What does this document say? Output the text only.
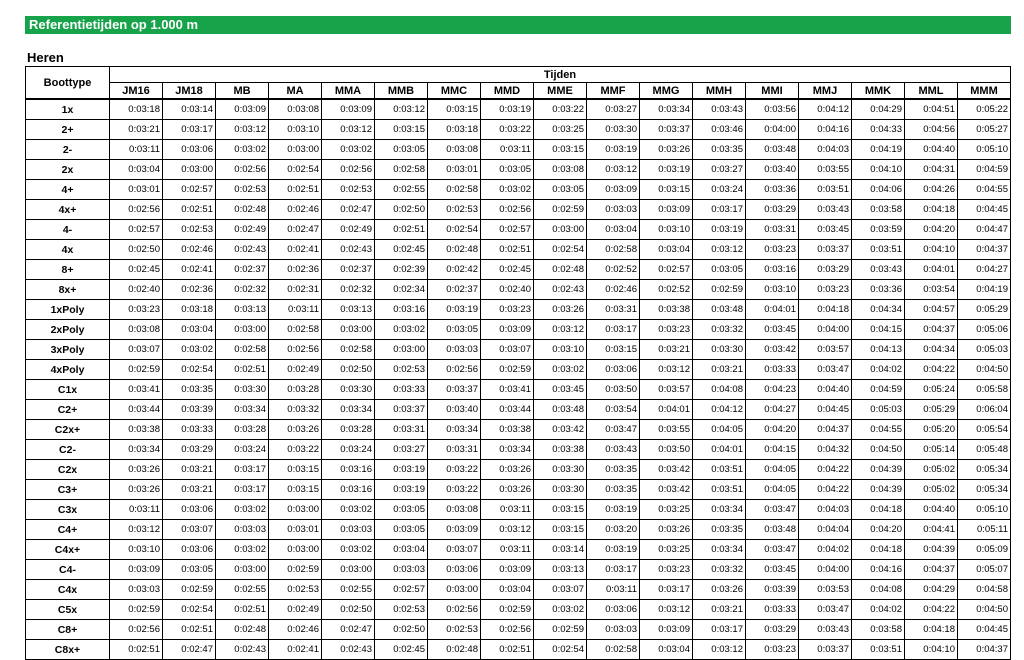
Referentietijden op 1.000 m
Heren
Boottype	Tijden																
	JM16	JM18	MB	MA	MMA	MMB	MMC	MMD	MME	MMF	MMG	MMH	MMI	MMJ	MMK	MML	MMM
1x	0:03:18	0:03:14	0:03:09	0:03:08	0:03:09	0:03:12	0:03:15	0:03:19	0:03:22	0:03:27	0:03:34	0:03:43	0:03:56	0:04:12	0:04:29	0:04:51	0:05:22
2+	0:03:21	0:03:17	0:03:12	0:03:10	0:03:12	0:03:15	0:03:18	0:03:22	0:03:25	0:03:30	0:03:37	0:03:46	0:04:00	0:04:16	0:04:33	0:04:56	0:05:27
2-	0:03:11	0:03:06	0:03:02	0:03:00	0:03:02	0:03:05	0:03:08	0:03:11	0:03:15	0:03:19	0:03:26	0:03:35	0:03:48	0:04:03	0:04:19	0:04:40	0:05:10
2x	0:03:04	0:03:00	0:02:56	0:02:54	0:02:56	0:02:58	0:03:01	0:03:05	0:03:08	0:03:12	0:03:19	0:03:27	0:03:40	0:03:55	0:04:10	0:04:31	0:04:59
4+	0:03:01	0:02:57	0:02:53	0:02:51	0:02:53	0:02:55	0:02:58	0:03:02	0:03:05	0:03:09	0:03:15	0:03:24	0:03:36	0:03:51	0:04:06	0:04:26	0:04:55
4x+	0:02:56	0:02:51	0:02:48	0:02:46	0:02:47	0:02:50	0:02:53	0:02:56	0:02:59	0:03:03	0:03:09	0:03:17	0:03:29	0:03:43	0:03:58	0:04:18	0:04:45
4-	0:02:57	0:02:53	0:02:49	0:02:47	0:02:49	0:02:51	0:02:54	0:02:57	0:03:00	0:03:04	0:03:10	0:03:19	0:03:31	0:03:45	0:03:59	0:04:20	0:04:47
4x	0:02:50	0:02:46	0:02:43	0:02:41	0:02:43	0:02:45	0:02:48	0:02:51	0:02:54	0:02:58	0:03:04	0:03:12	0:03:23	0:03:37	0:03:51	0:04:10	0:04:37
8+	0:02:45	0:02:41	0:02:37	0:02:36	0:02:37	0:02:39	0:02:42	0:02:45	0:02:48	0:02:52	0:02:57	0:03:05	0:03:16	0:03:29	0:03:43	0:04:01	0:04:27
8x+	0:02:40	0:02:36	0:02:32	0:02:31	0:02:32	0:02:34	0:02:37	0:02:40	0:02:43	0:02:46	0:02:52	0:02:59	0:03:10	0:03:23	0:03:36	0:03:54	0:04:19
1xPoly	0:03:23	0:03:18	0:03:13	0:03:11	0:03:13	0:03:16	0:03:19	0:03:23	0:03:26	0:03:31	0:03:38	0:03:48	0:04:01	0:04:18	0:04:34	0:04:57	0:05:29
2xPoly	0:03:08	0:03:04	0:03:00	0:02:58	0:03:00	0:03:02	0:03:05	0:03:09	0:03:12	0:03:17	0:03:23	0:03:32	0:03:45	0:04:00	0:04:15	0:04:37	0:05:06
3xPoly	0:03:07	0:03:02	0:02:58	0:02:56	0:02:58	0:03:00	0:03:03	0:03:07	0:03:10	0:03:15	0:03:21	0:03:30	0:03:42	0:03:57	0:04:13	0:04:34	0:05:03
4xPoly	0:02:59	0:02:54	0:02:51	0:02:49	0:02:50	0:02:53	0:02:56	0:02:59	0:03:02	0:03:06	0:03:12	0:03:21	0:03:33	0:03:47	0:04:02	0:04:22	0:04:50
C1x	0:03:41	0:03:35	0:03:30	0:03:28	0:03:30	0:03:33	0:03:37	0:03:41	0:03:45	0:03:50	0:03:57	0:04:08	0:04:23	0:04:40	0:04:59	0:05:24	0:05:58
C2+	0:03:44	0:03:39	0:03:34	0:03:32	0:03:34	0:03:37	0:03:40	0:03:44	0:03:48	0:03:54	0:04:01	0:04:12	0:04:27	0:04:45	0:05:03	0:05:29	0:06:04
C2x+	0:03:38	0:03:33	0:03:28	0:03:26	0:03:28	0:03:31	0:03:34	0:03:38	0:03:42	0:03:47	0:03:55	0:04:05	0:04:20	0:04:37	0:04:55	0:05:20	0:05:54
C2-	0:03:34	0:03:29	0:03:24	0:03:22	0:03:24	0:03:27	0:03:31	0:03:34	0:03:38	0:03:43	0:03:50	0:04:01	0:04:15	0:04:32	0:04:50	0:05:14	0:05:48
C2x	0:03:26	0:03:21	0:03:17	0:03:15	0:03:16	0:03:19	0:03:22	0:03:26	0:03:30	0:03:35	0:03:42	0:03:51	0:04:05	0:04:22	0:04:39	0:05:02	0:05:34
C3+	0:03:26	0:03:21	0:03:17	0:03:15	0:03:16	0:03:19	0:03:22	0:03:26	0:03:30	0:03:35	0:03:42	0:03:51	0:04:05	0:04:22	0:04:39	0:05:02	0:05:34
C3x	0:03:11	0:03:06	0:03:02	0:03:00	0:03:02	0:03:05	0:03:08	0:03:11	0:03:15	0:03:19	0:03:25	0:03:34	0:03:47	0:04:03	0:04:18	0:04:40	0:05:10
C4+	0:03:12	0:03:07	0:03:03	0:03:01	0:03:03	0:03:05	0:03:09	0:03:12	0:03:15	0:03:20	0:03:26	0:03:35	0:03:48	0:04:04	0:04:20	0:04:41	0:05:11
C4x+	0:03:10	0:03:06	0:03:02	0:03:00	0:03:02	0:03:04	0:03:07	0:03:11	0:03:14	0:03:19	0:03:25	0:03:34	0:03:47	0:04:02	0:04:18	0:04:39	0:05:09
C4-	0:03:09	0:03:05	0:03:00	0:02:59	0:03:00	0:03:03	0:03:06	0:03:09	0:03:13	0:03:17	0:03:23	0:03:32	0:03:45	0:04:00	0:04:16	0:04:37	0:05:07
C4x	0:03:03	0:02:59	0:02:55	0:02:53	0:02:55	0:02:57	0:03:00	0:03:04	0:03:07	0:03:11	0:03:17	0:03:26	0:03:39	0:03:53	0:04:08	0:04:29	0:04:58
C5x	0:02:59	0:02:54	0:02:51	0:02:49	0:02:50	0:02:53	0:02:56	0:02:59	0:03:02	0:03:06	0:03:12	0:03:21	0:03:33	0:03:47	0:04:02	0:04:22	0:04:50
C8+	0:02:56	0:02:51	0:02:48	0:02:46	0:02:47	0:02:50	0:02:53	0:02:56	0:02:59	0:03:03	0:03:09	0:03:17	0:03:29	0:03:43	0:03:58	0:04:18	0:04:45
C8x+	0:02:51	0:02:47	0:02:43	0:02:41	0:02:43	0:02:45	0:02:48	0:02:51	0:02:54	0:02:58	0:03:04	0:03:12	0:03:23	0:03:37	0:03:51	0:04:10	0:04:37
